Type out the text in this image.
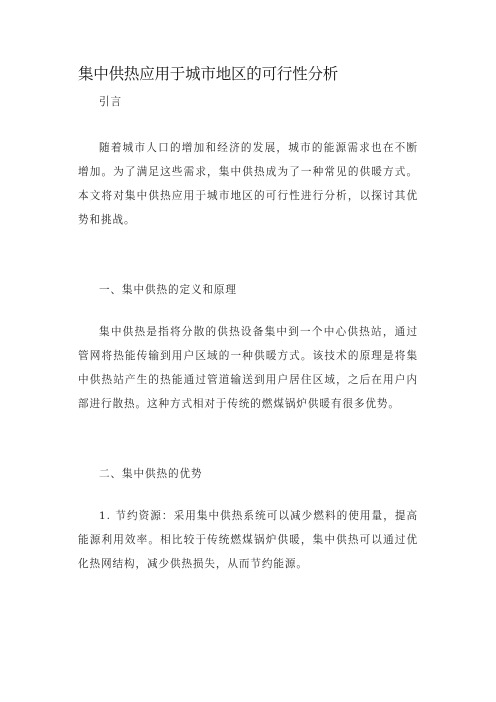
集中供热应用于城市地区的可行性分析
引言

随着城市人口的增加和经济的发展，城市的能源需求也在不断增加。为了满足这些需求，集中供热成为了一种常见的供暖方式。本文将对集中供热应用于城市地区的可行性进行分析，以探讨其优势和挑战。

一、集中供热的定义和原理

集中供热是指将分散的供热设备集中到一个中心供热站，通过管网将热能传输到用户区域的一种供暖方式。该技术的原理是将集中供热站产生的热能通过管道输送到用户居住区域，之后在用户内部进行散热。这种方式相对于传统的燃煤锅炉供暖有很多优势。

二、集中供热的优势

1. 节约资源：采用集中供热系统可以减少燃料的使用量，提高能源利用效率。相比较于传统燃煤锅炉供暖，集中供热可以通过优化热网结构，减少供热损失，从而节约能源。
